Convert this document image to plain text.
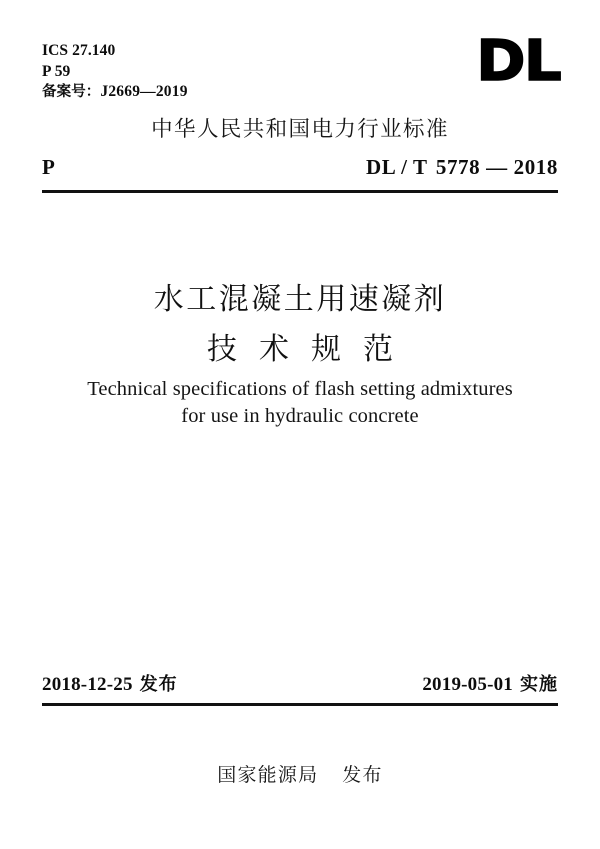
ICS 27.140
P 59
备案号：J2669—2019	DL
中华人民共和国电力行业标准
P	DL / T 5778 — 2018
水工混凝土用速凝剂
技术规范
Technical specifications of flash setting admixtures
for use in hydraulic concrete
2018-12-25 发布	2019-05-01 实施
国家能源局 发布
